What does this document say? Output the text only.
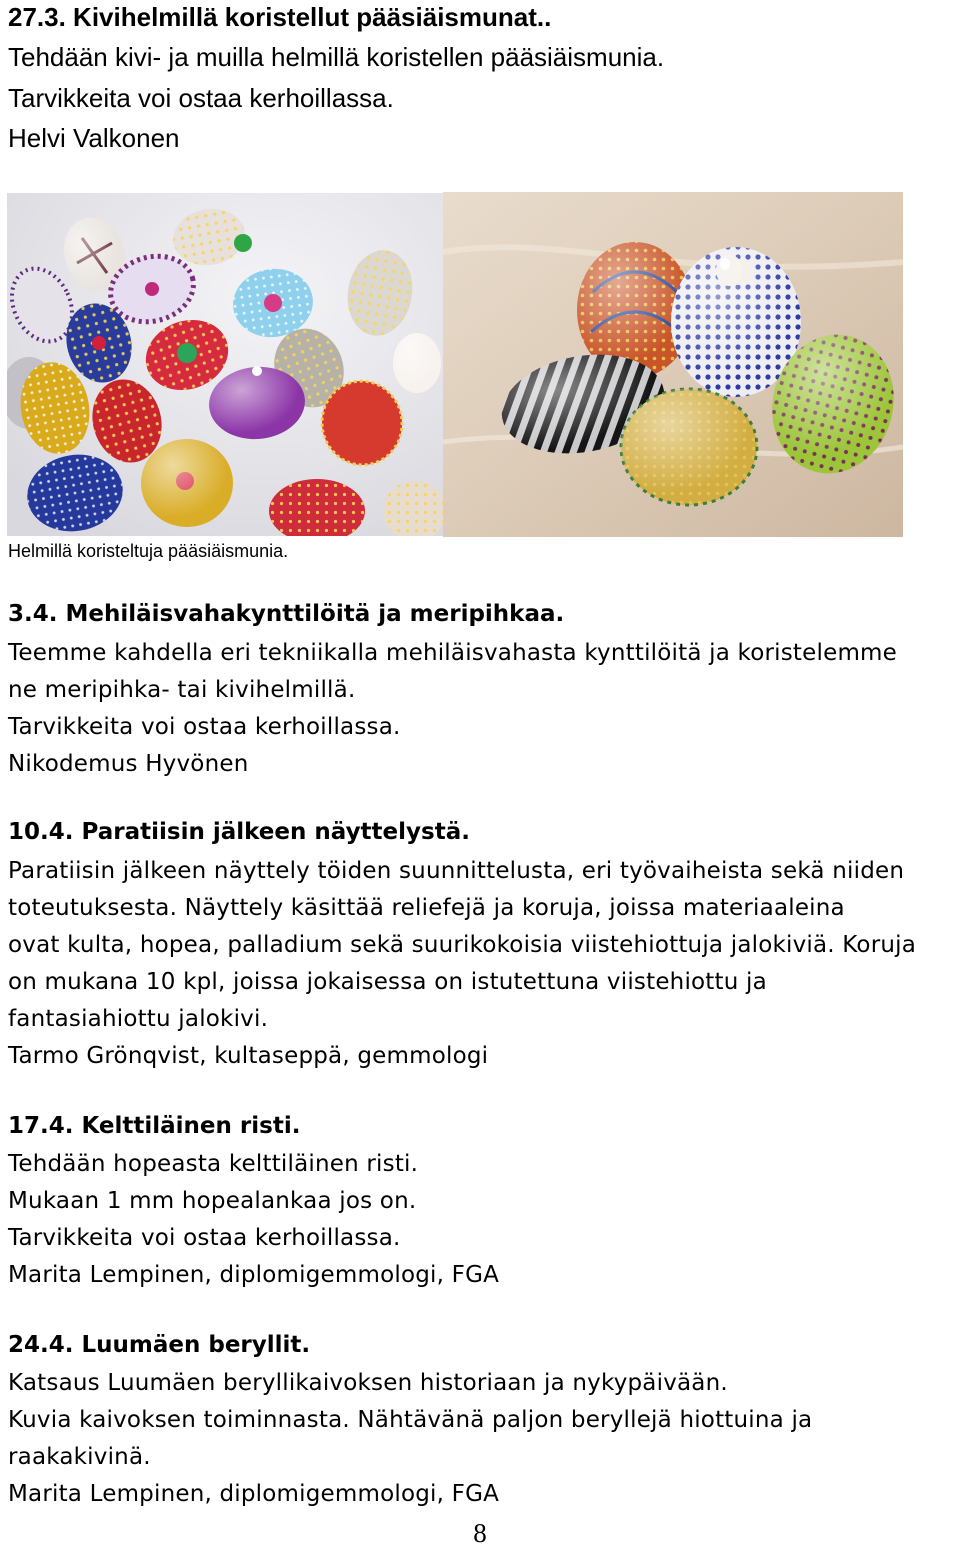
27.3. Kivihelmillä koristellut pääsiäismunat..
Tehdään kivi- ja muilla helmillä koristellen pääsiäismunia.
Tarvikkeita voi ostaa kerhoillassa.
Helvi Valkonen
Helmillä koristeltuja pääsiäismunia.
3.4. Mehiläisvahakynttilöitä ja meripihkaa.
Teemme kahdella eri tekniikalla mehiläisvahasta kynttilöitä ja koristelemme
ne meripihka- tai kivihelmillä.
Tarvikkeita voi ostaa kerhoillassa.
Nikodemus Hyvönen
10.4. Paratiisin jälkeen näyttelystä.
Paratiisin jälkeen näyttely töiden suunnittelusta, eri työvaiheista sekä niiden
toteutuksesta. Näyttely käsittää reliefejä ja koruja, joissa materiaaleina
ovat kulta, hopea, palladium sekä suurikokoisia viistehiottuja jalokiviä. Koruja
on mukana 10 kpl, joissa jokaisessa on istutettuna viistehiottu ja
fantasiahiottu jalokivi.
Tarmo Grönqvist, kultaseppä, gemmologi
17.4. Kelttiläinen risti.
Tehdään hopeasta kelttiläinen risti.
Mukaan 1 mm hopealankaa jos on.
Tarvikkeita voi ostaa kerhoillassa.
Marita Lempinen, diplomigemmologi, FGA
24.4. Luumäen beryllit.
Katsaus Luumäen beryllikaivoksen historiaan ja nykypäivään.
Kuvia kaivoksen toiminnasta. Nähtävänä paljon beryllejä hiottuina ja
raakakivinä.
Marita Lempinen, diplomigemmologi, FGA
8
